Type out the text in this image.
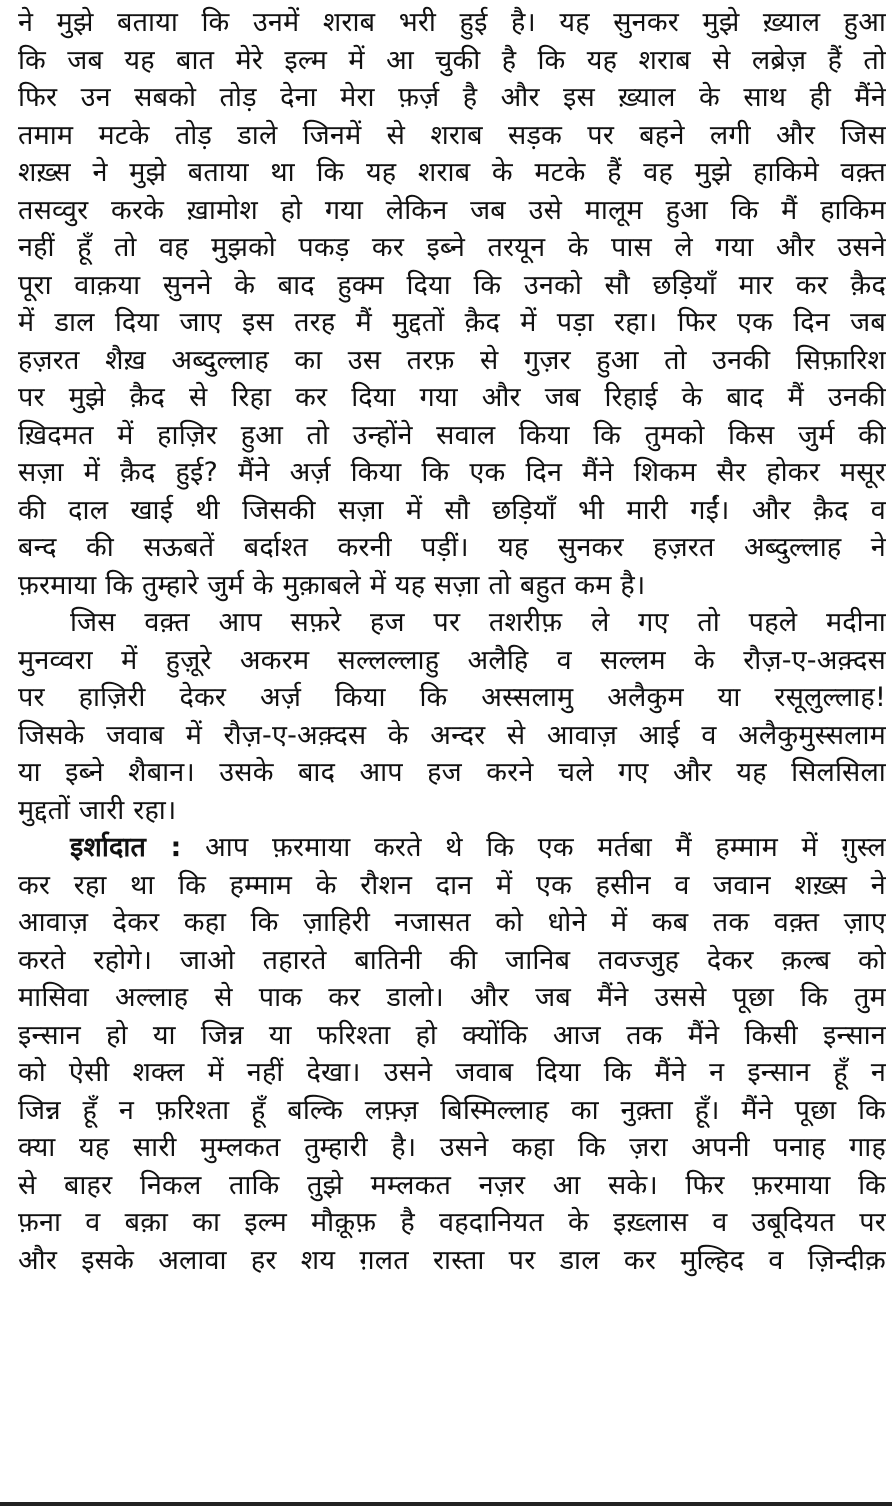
ने मुझे बताया कि उनमें शराब भरी हुई है। यह सुनकर मुझे ख़्याल हुआ
कि जब यह बात मेरे इल्म में आ चुकी है कि यह शराब से लब्रेज़ हैं तो
फिर उन सबको तोड़ देना मेरा फ़र्ज़ है और इस ख़्याल के साथ ही मैंने
तमाम मटके तोड़ डाले जिनमें से शराब सड़क पर बहने लगी और जिस
शख़्स ने मुझे बताया था कि यह शराब के मटके हैं वह मुझे हाकिमे वक़्त
तसव्वुर करके ख़ामोश हो गया लेकिन जब उसे मालूम हुआ कि मैं हाकिम
नहीं हूँ तो वह मुझको पकड़ कर इब्ने तरयून के पास ले गया और उसने
पूरा वाक़या सुनने के बाद हुक्म दिया कि उनको सौ छड़ियाँ मार कर क़ैद
में डाल दिया जाए इस तरह मैं मुद्दतों क़ैद में पड़ा रहा। फिर एक दिन जब
हज़रत शैख़ अब्दुल्लाह का उस तरफ़ से गुज़र हुआ तो उनकी सिफ़ारिश
पर मुझे क़ैद से रिहा कर दिया गया और जब रिहाई के बाद मैं उनकी
ख़िदमत में हाज़िर हुआ तो उन्होंने सवाल किया कि तुमको किस जुर्म की
सज़ा में क़ैद हुई? मैंने अर्ज़ किया कि एक दिन मैंने शिकम सैर होकर मसूर
की दाल खाई थी जिसकी सज़ा में सौ छड़ियाँ भी मारी गईं। और क़ैद व
बन्द की सऊबतें बर्दाश्त करनी पड़ीं। यह सुनकर हज़रत अब्दुल्लाह ने
फ़रमाया कि तुम्हारे जुर्म के मुक़ाबले में यह सज़ा तो बहुत कम है।
जिस वक़्त आप सफ़रे हज पर तशरीफ़ ले गए तो पहले मदीना
मुनव्वरा में हुज़ूरे अकरम सल्लल्लाहु अलैहि व सल्लम के रौज़-ए-अक़्दस
पर हाज़िरी देकर अर्ज़ किया कि अस्सलामु अलैकुम या रसूलुल्लाह!
जिसके जवाब में रौज़-ए-अक़्दस के अन्दर से आवाज़ आई व अलैकुमुस्सलाम
या इब्ने शैबान। उसके बाद आप हज करने चले गए और यह सिलसिला
मुद्दतों जारी रहा।
इर्शादात : आप फ़रमाया करते थे कि एक मर्तबा मैं हम्माम में ग़ुस्ल
कर रहा था कि हम्माम के रौशन दान में एक हसीन व जवान शख़्स ने
आवाज़ देकर कहा कि ज़ाहिरी नजासत को धोने में कब तक वक़्त ज़ाए
करते रहोगे। जाओ तहारते बातिनी की जानिब तवज्जुह देकर क़ल्ब को
मासिवा अल्लाह से पाक कर डालो। और जब मैंने उससे पूछा कि तुम
इन्सान हो या जिन्न या फरिश्ता हो क्योंकि आज तक मैंने किसी इन्सान
को ऐसी शक्ल में नहीं देखा। उसने जवाब दिया कि मैंने न इन्सान हूँ न
जिन्न हूँ न फ़रिश्ता हूँ बल्कि लफ़्ज़ बिस्मिल्लाह का नुक़्ता हूँ। मैंने पूछा कि
क्या यह सारी मुम्लकत तुम्हारी है। उसने कहा कि ज़रा अपनी पनाह गाह
से बाहर निकल ताकि तुझे मम्लकत नज़र आ सके। फिर फ़रमाया कि
फ़ना व बक़ा का इल्म मौक़ूफ़ है वहदानियत के इख़्लास व उबूदियत पर
और इसके अलावा हर शय ग़लत रास्ता पर डाल कर मुल्हिद व ज़िन्दीक़
